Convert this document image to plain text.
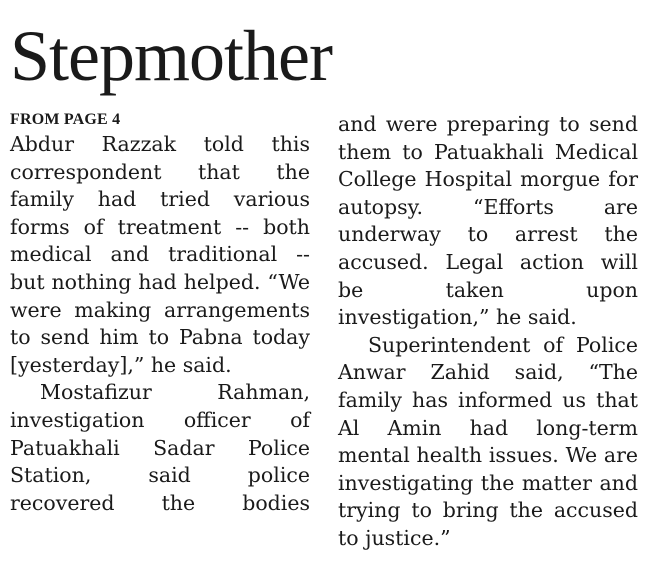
Stepmother
FROM PAGE 4

Abdur Razzak told this correspondent that the family had tried various forms of treatment -- both medical and traditional -- but nothing had helped. “We were making arrangements to send him to Pabna today [yesterday],” he said.

Mostafizur Rahman, investigation officer of Patuakhali Sadar Police Station, said police recovered the bodies

and were preparing to send them to Patuakhali Medical College Hospital morgue for autopsy. “Efforts are underway to arrest the accused. Legal action will be taken upon investigation,” he said.

Superintendent of Police Anwar Zahid said, “The family has informed us that Al Amin had long-term mental health issues. We are investigating the matter and trying to bring the accused to justice.”
